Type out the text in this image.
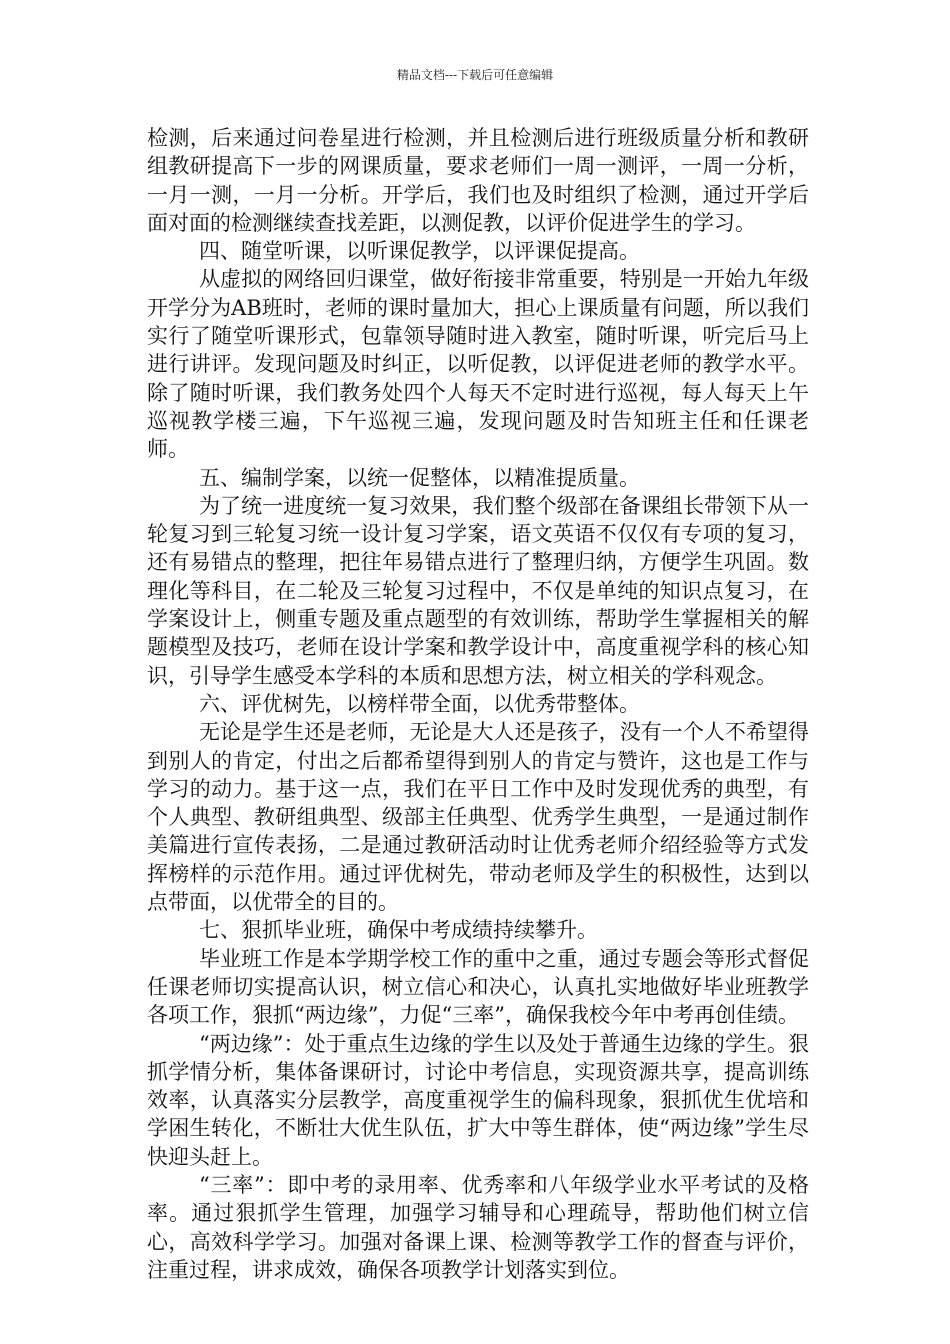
精品文档---下载后可任意编辑

检测，后来通过问卷星进行检测，并且检测后进行班级质量分析和教研组教研提高下一步的网课质量，要求老师们一周一测评，一周一分析，一月一测，一月一分析。开学后，我们也及时组织了检测，通过开学后面对面的检测继续查找差距，以测促教，以评价促进学生的学习。

四、随堂听课，以听课促教学，以评课促提高。

从虚拟的网络回归课堂，做好衔接非常重要，特别是一开始九年级开学分为AB班时，老师的课时量加大，担心上课质量有问题，所以我们实行了随堂听课形式，包靠领导随时进入教室，随时听课，听完后马上进行讲评。发现问题及时纠正，以听促教，以评促进老师的教学水平。除了随时听课，我们教务处四个人每天不定时进行巡视，每人每天上午巡视教学楼三遍，下午巡视三遍，发现问题及时告知班主任和任课老师。

五、编制学案，以统一促整体，以精准提质量。

为了统一进度统一复习效果，我们整个级部在备课组长带领下从一轮复习到三轮复习统一设计复习学案，语文英语不仅仅有专项的复习，还有易错点的整理，把往年易错点进行了整理归纳，方便学生巩固。数理化等科目，在二轮及三轮复习过程中，不仅是单纯的知识点复习，在学案设计上，侧重专题及重点题型的有效训练，帮助学生掌握相关的解题模型及技巧，老师在设计学案和教学设计中，高度重视学科的核心知识，引导学生感受本学科的本质和思想方法，树立相关的学科观念。

六、评优树先，以榜样带全面，以优秀带整体。

无论是学生还是老师，无论是大人还是孩子，没有一个人不希望得到别人的肯定，付出之后都希望得到别人的肯定与赞许，这也是工作与学习的动力。基于这一点，我们在平日工作中及时发现优秀的典型，有个人典型、教研组典型、级部主任典型、优秀学生典型，一是通过制作美篇进行宣传表扬，二是通过教研活动时让优秀老师介绍经验等方式发挥榜样的示范作用。通过评优树先，带动老师及学生的积极性，达到以点带面，以优带全的目的。

七、狠抓毕业班，确保中考成绩持续攀升。

毕业班工作是本学期学校工作的重中之重，通过专题会等形式督促任课老师切实提高认识，树立信心和决心，认真扎实地做好毕业班教学各项工作，狠抓“两边缘”，力促“三率”，确保我校今年中考再创佳绩。

“两边缘”：处于重点生边缘的学生以及处于普通生边缘的学生。狠抓学情分析，集体备课研讨，讨论中考信息，实现资源共享，提高训练效率，认真落实分层教学，高度重视学生的偏科现象，狠抓优生优培和学困生转化，不断壮大优生队伍，扩大中等生群体，使“两边缘”学生尽快迎头赶上。

“三率”：即中考的录用率、优秀率和八年级学业水平考试的及格率。通过狠抓学生管理，加强学习辅导和心理疏导，帮助他们树立信心，高效科学学习。加强对备课上课、检测等教学工作的督查与评价，注重过程，讲求成效，确保各项教学计划落实到位。
